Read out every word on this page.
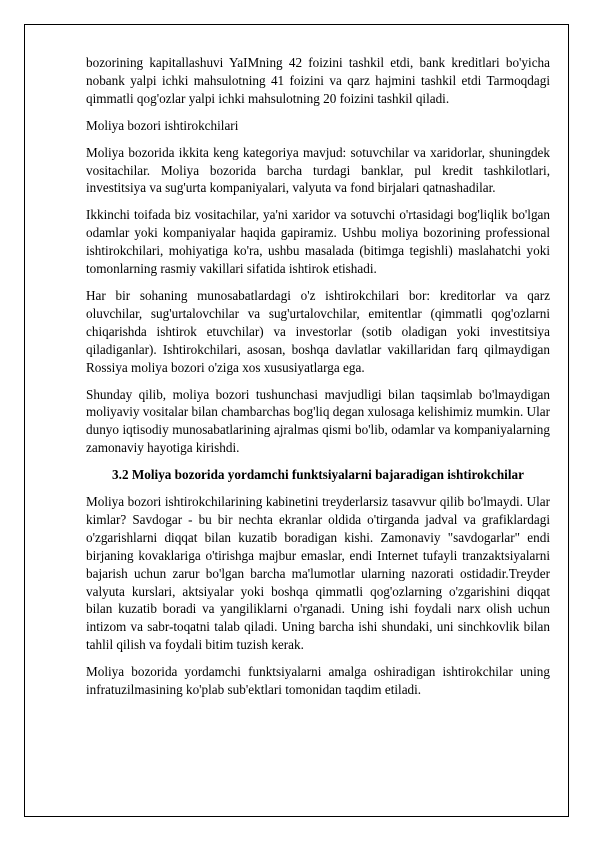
bozorining kapitallashuvi YaIMning 42 foizini tashkil etdi, bank kreditlari bo'yicha nobank yalpi ichki mahsulotning 41 foizini va qarz hajmini tashkil etdi Tarmoqdagi qimmatli qog'ozlar yalpi ichki mahsulotning 20 foizini tashkil qiladi.

Moliya bozori ishtirokchilari

Moliya bozorida ikkita keng kategoriya mavjud: sotuvchilar va xaridorlar, shuningdek vositachilar. Moliya bozorida barcha turdagi banklar, pul kredit tashkilotlari, investitsiya va sug'urta kompaniyalari, valyuta va fond birjalari qatnashadilar.

Ikkinchi toifada biz vositachilar, ya'ni xaridor va sotuvchi o'rtasidagi bog'liqlik bo'lgan odamlar yoki kompaniyalar haqida gapiramiz. Ushbu moliya bozorining professional ishtirokchilari, mohiyatiga ko'ra, ushbu masalada (bitimga tegishli) maslahatchi yoki tomonlarning rasmiy vakillari sifatida ishtirok etishadi.

Har bir sohaning munosabatlardagi o'z ishtirokchilari bor: kreditorlar va qarz oluvchilar, sug'urtalovchilar va sug'urtalovchilar, emitentlar (qimmatli qog'ozlarni chiqarishda ishtirok etuvchilar) va investorlar (sotib oladigan yoki investitsiya qiladiganlar). Ishtirokchilari, asosan, boshqa davlatlar vakillaridan farq qilmaydigan Rossiya moliya bozori o'ziga xos xususiyatlarga ega.

Shunday qilib, moliya bozori tushunchasi mavjudligi bilan taqsimlab bo'lmaydigan moliyaviy vositalar bilan chambarchas bog'liq degan xulosaga kelishimiz mumkin. Ular dunyo iqtisodiy munosabatlarining ajralmas qismi bo'lib, odamlar va kompaniyalarning zamonaviy hayotiga kirishdi.

3.2 Moliya bozorida yordamchi funktsiyalarni bajaradigan ishtirokchilar

Moliya bozori ishtirokchilarining kabinetini treyderlarsiz tasavvur qilib bo'lmaydi. Ular kimlar? Savdogar - bu bir nechta ekranlar oldida o'tirganda jadval va grafiklardagi o'zgarishlarni diqqat bilan kuzatib boradigan kishi. Zamonaviy "savdogarlar" endi birjaning kovaklariga o'tirishga majbur emaslar, endi Internet tufayli tranzaktsiyalarni bajarish uchun zarur bo'lgan barcha ma'lumotlar ularning nazorati ostidadir.Treyder valyuta kurslari, aktsiyalar yoki boshqa qimmatli qog'ozlarning o'zgarishini diqqat bilan kuzatib boradi va yangiliklarni o'rganadi. Uning ishi foydali narx olish uchun intizom va sabr-toqatni talab qiladi. Uning barcha ishi shundaki, uni sinchkovlik bilan tahlil qilish va foydali bitim tuzish kerak.

Moliya bozorida yordamchi funktsiyalarni amalga oshiradigan ishtirokchilar uning infratuzilmasining ko'plab sub'ektlari tomonidan taqdim etiladi.
